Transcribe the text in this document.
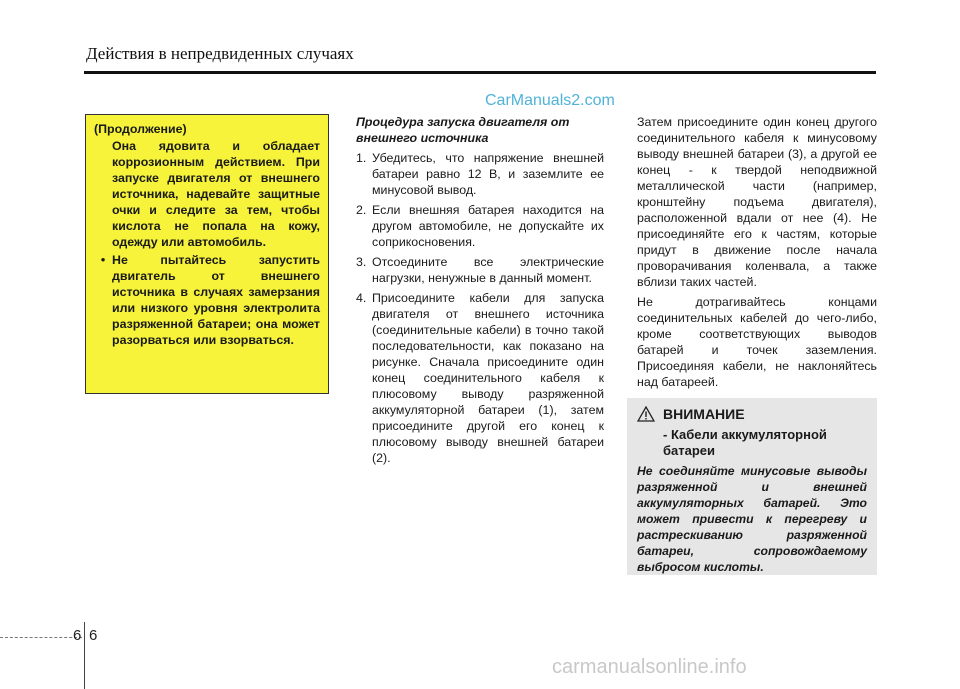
Действия в непредвиденных случаях
CarManuals2.com
(Продолжение)
Она ядовита и обладает коррозионным действием. При запуске двигателя от внешнего источника, надевайте защитные очки и следите за тем, чтобы кислота не попала на кожу, одежду или автомобиль.
• Не пытайтесь запустить двигатель от внешнего источника в случаях замерзания или низкого уровня электролита разряженной батареи; она может разорваться или взорваться.
Процедура запуска двигателя от внешнего источника
1. Убедитесь, что напряжение внешней батареи равно 12 В, и заземлите ее минусовой вывод.
2. Если внешняя батарея находится на другом автомобиле, не допускайте их соприкосновения.
3. Отсоедините все электрические нагрузки, ненужные в данный момент.
4. Присоедините кабели для запуска двигателя от внешнего источника (соединительные кабели) в точно такой последовательности, как показано на рисунке. Сначала присоедините один конец соединительного кабеля к плюсовому выводу разряженной аккумуляторной батареи (1), затем присоедините другой его конец к плюсовому выводу внешней батареи (2).

Затем присоедините один конец другого соединительного кабеля к минусовому выводу внешней батареи (3), а другой ее конец - к твердой неподвижной металлической части (например, кронштейну подъема двигателя), расположенной вдали от нее (4). Не присоединяйте его к частям, которые придут в движение после начала проворачивания коленвала, а также вблизи таких частей.

Не дотрагивайтесь концами соединительных кабелей до чего-либо, кроме соответствующих выводов батарей и точек заземления. Присоединяя кабели, не наклоняйтесь над батареей.

ВНИМАНИЕ
- Кабели аккумуляторной батареи
Не соединяйте минусовые выводы разряженной и внешней аккумуляторных батарей. Это может привести к перегреву и растрескиванию разряженной батареи, сопровождаемому выбросом кислоты.
6 6
carmanualsonline.info
